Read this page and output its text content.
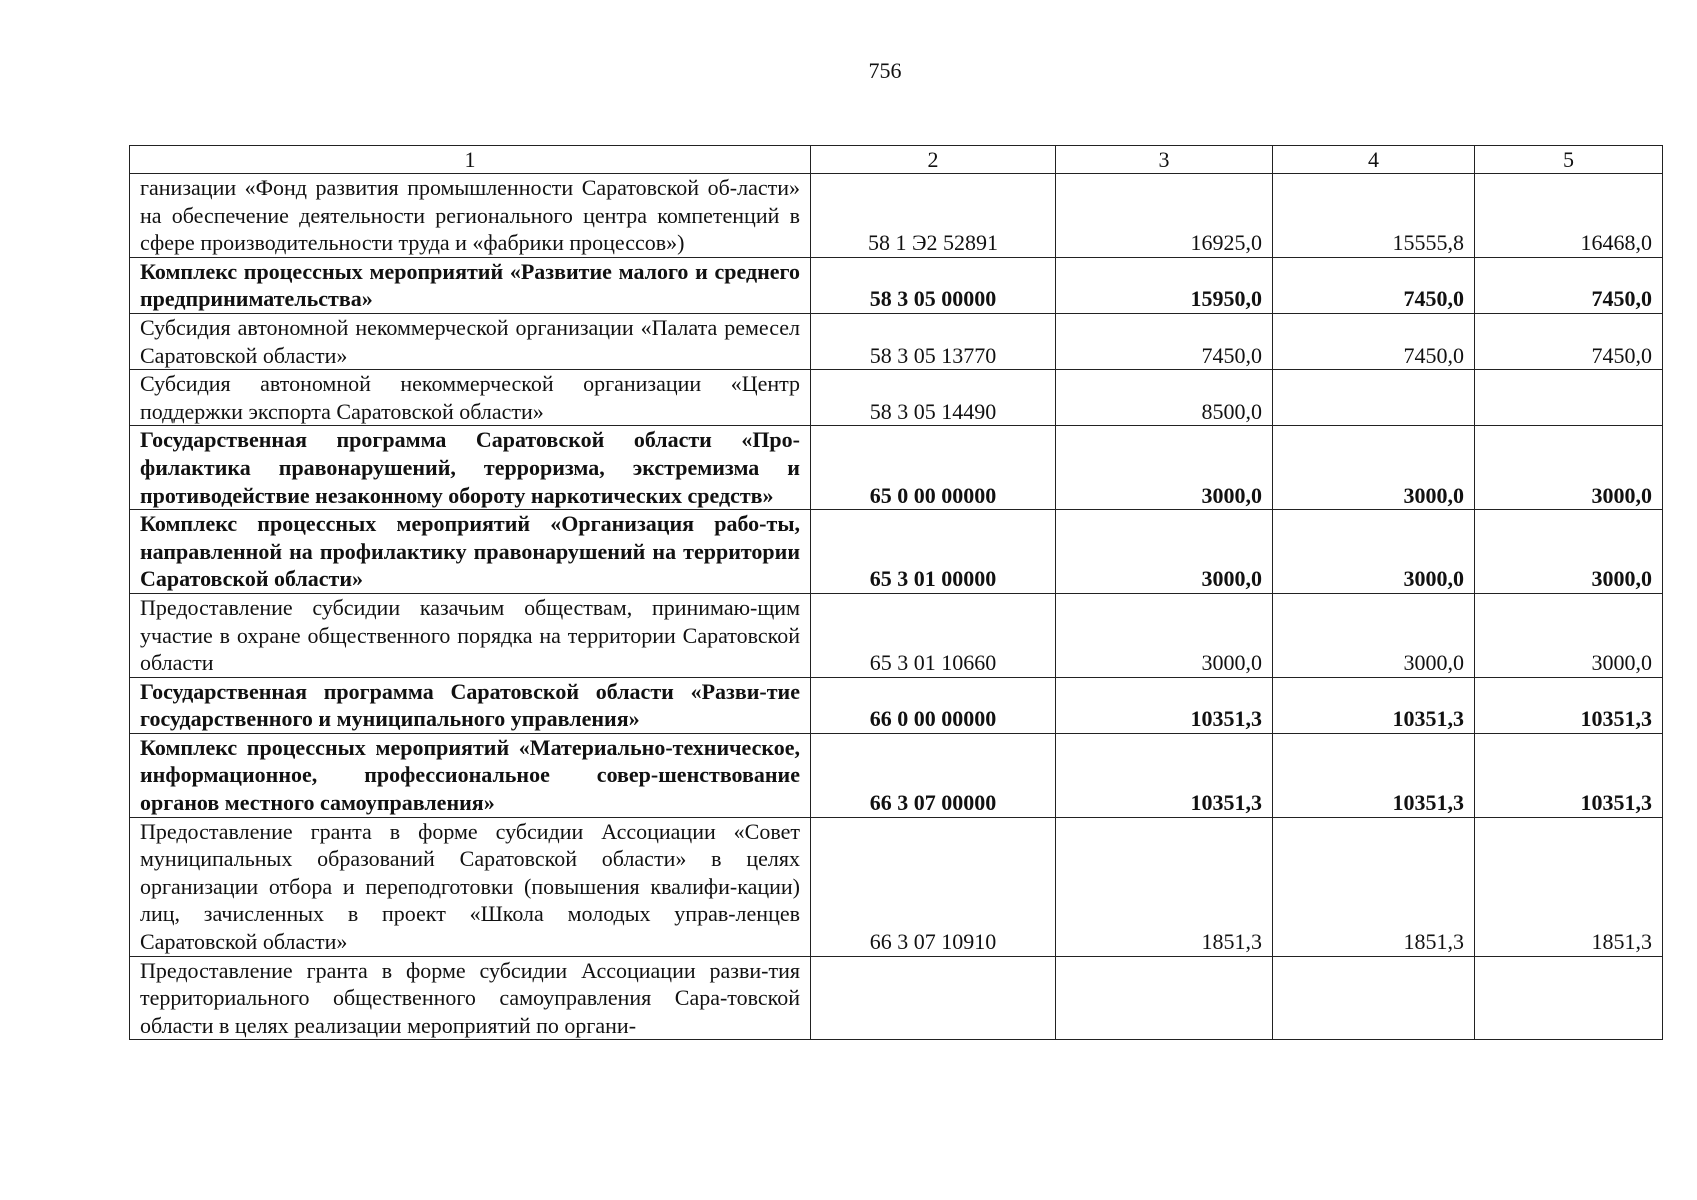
756
1	2	3	4	5
ганизации «Фонд развития промышленности Саратовской об-ласти» на обеспечение деятельности регионального центра компетенций в сфере производительности труда и «фабрики процессов»)	58 1 Э2 52891	16925,0	15555,8	16468,0
Комплекс процессных мероприятий «Развитие малого и среднего предпринимательства»	58 3 05 00000	15950,0	7450,0	7450,0
Субсидия автономной некоммерческой организации «Палата ремесел Саратовской области»	58 3 05 13770	7450,0	7450,0	7450,0
Субсидия автономной некоммерческой организации «Центр поддержки экспорта Саратовской области»	58 3 05 14490	8500,0		
Государственная программа Саратовской области «Про-филактика правонарушений, терроризма, экстремизма и противодействие незаконному обороту наркотических средств»	65 0 00 00000	3000,0	3000,0	3000,0
Комплекс процессных мероприятий «Организация рабо-ты, направленной на профилактику правонарушений на территории Саратовской области»	65 3 01 00000	3000,0	3000,0	3000,0
Предоставление субсидии казачьим обществам, принимаю-щим участие в охране общественного порядка на территории Саратовской области	65 3 01 10660	3000,0	3000,0	3000,0
Государственная программа Саратовской области «Разви-тие государственного и муниципального управления»	66 0 00 00000	10351,3	10351,3	10351,3
Комплекс процессных мероприятий «Материально-техническое, информационное, профессиональное совер-шенствование органов местного самоуправления»	66 3 07 00000	10351,3	10351,3	10351,3
Предоставление гранта в форме субсидии Ассоциации «Совет муниципальных образований Саратовской области» в целях организации отбора и переподготовки (повышения квалифи-кации) лиц, зачисленных в проект «Школа молодых управ-ленцев Саратовской области»	66 3 07 10910	1851,3	1851,3	1851,3
Предоставление гранта в форме субсидии Ассоциации разви-тия территориального общественного самоуправления Сара-товской области в целях реализации мероприятий по органи-				
